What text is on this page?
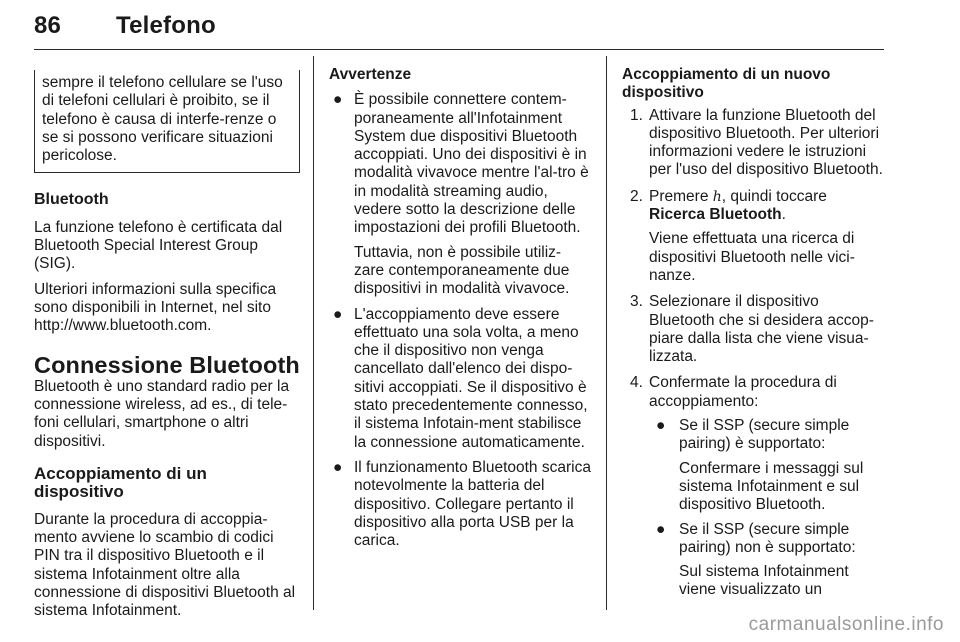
86 Telefono
sempre il telefono cellulare se l'uso di telefoni cellulari è proibito, se il telefono è causa di interfe-renze o se si possono verificare situazioni pericolose.
Bluetooth

La funzione telefono è certificata dal Bluetooth Special Interest Group (SIG).

Ulteriori informazioni sulla specifica sono disponibili in Internet, nel sito http://www.bluetooth.com.

Connessione Bluetooth

Bluetooth è uno standard radio per la connessione wireless, ad es., di tele-foni cellulari, smartphone o altri dispositivi.

Accoppiamento di un dispositivo

Durante la procedura di accoppia-mento avviene lo scambio di codici PIN tra il dispositivo Bluetooth e il sistema Infotainment oltre alla connessione di dispositivi Bluetooth al sistema Infotainment.

Avvertenze

● È possibile connettere contem-poraneamente all'Infotainment System due dispositivi Bluetooth accoppiati. Uno dei dispositivi è in modalità vivavoce mentre l'al-tro è in modalità streaming audio, vedere sotto la descrizione delle impostazioni dei profili Bluetooth.

Tuttavia, non è possibile utiliz-zare contemporaneamente due dispositivi in modalità vivavoce.

● L'accoppiamento deve essere effettuato una sola volta, a meno che il dispositivo non venga cancellato dall'elenco dei dispo-sitivi accoppiati. Se il dispositivo è stato precedentemente connesso, il sistema Infotain-ment stabilisce la connessione automaticamente.

● Il funzionamento Bluetooth scarica notevolmente la batteria del dispositivo. Collegare pertanto il dispositivo alla porta USB per la carica.

Accoppiamento di un nuovo dispositivo

1. Attivare la funzione Bluetooth del dispositivo Bluetooth. Per ulteriori informazioni vedere le istruzioni per l'uso del dispositivo Bluetooth.

2. Premere ℎ, quindi toccare
Ricerca Bluetooth.

Viene effettuata una ricerca di dispositivi Bluetooth nelle vici-nanze.

3. Selezionare il dispositivo Bluetooth che si desidera accop-piare dalla lista che viene visua-lizzata.

4. Confermate la procedura di accoppiamento:

● Se il SSP (secure simple pairing) è supportato:

Confermare i messaggi sul sistema Infotainment e sul dispositivo Bluetooth.

● Se il SSP (secure simple pairing) non è supportato:

Sul sistema Infotainment viene visualizzato un

carmanualsonline.info
